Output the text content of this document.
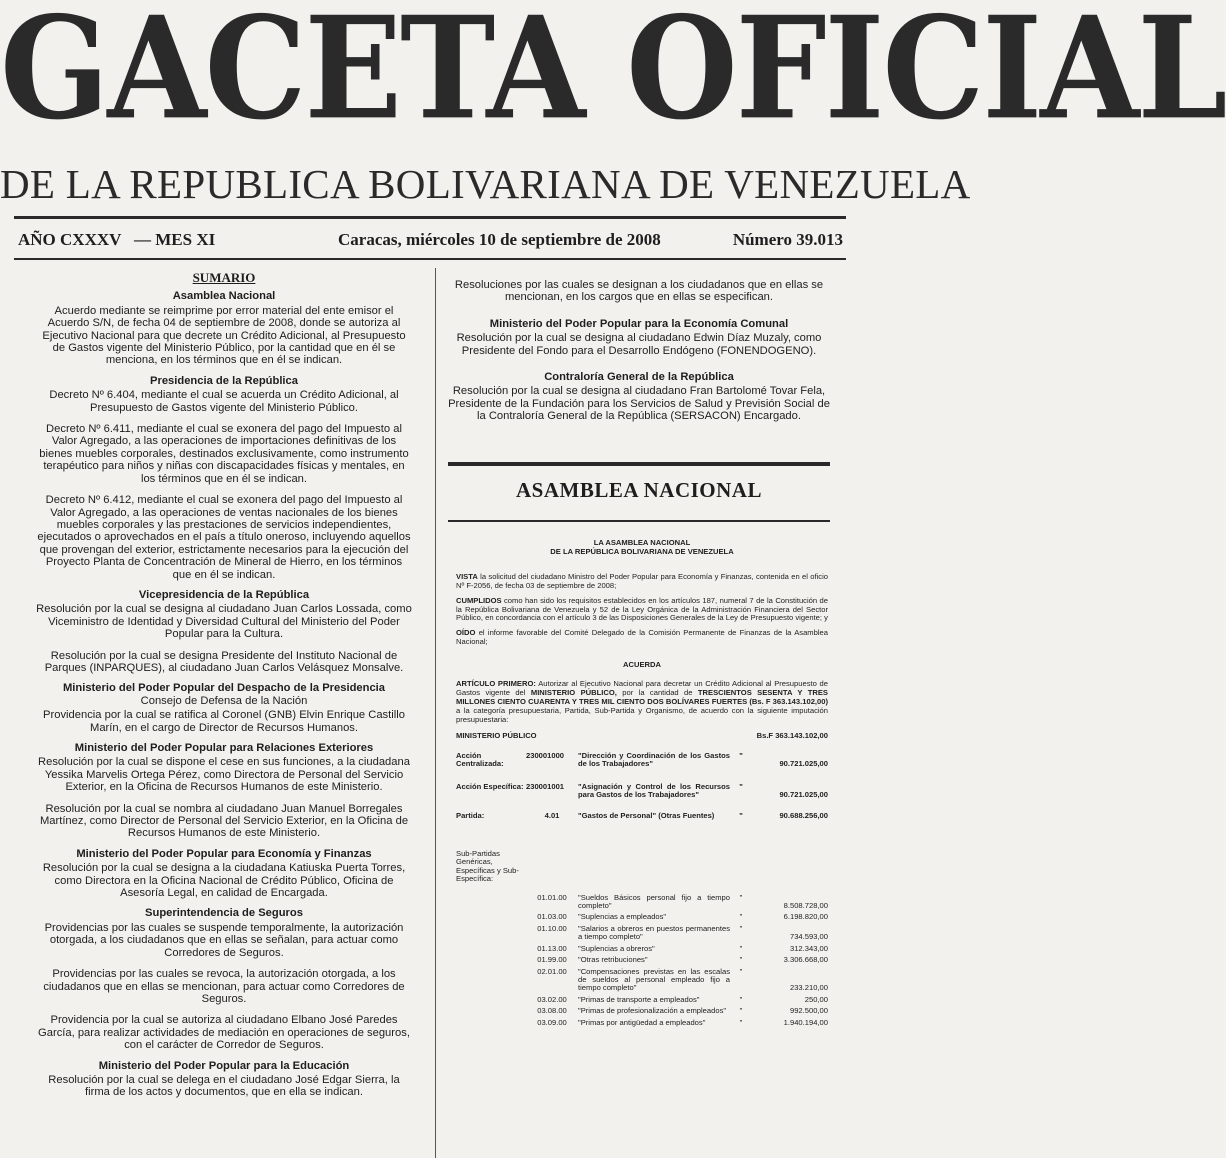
GACETA OFICIAL
DE LA REPUBLICA BOLIVARIANA DE VENEZUELA
AÑO CXXXV — MES XI	Caracas, miércoles 10 de septiembre de 2008	Número 39.013
SUMARIO
Asamblea Nacional
Acuerdo mediante se reimprime por error material del ente emisor el Acuerdo S/N, de fecha 04 de septiembre de 2008, donde se autoriza al Ejecutivo Nacional para que decrete un Crédito Adicional, al Presupuesto de Gastos vigente del Ministerio Público, por la cantidad que en él se menciona, en los términos que en él se indican.
Presidencia de la República
Decreto Nº 6.404, mediante el cual se acuerda un Crédito Adicional, al Presupuesto de Gastos vigente del Ministerio Público.
Decreto Nº 6.411, mediante el cual se exonera del pago del Impuesto al Valor Agregado, a las operaciones de importaciones definitivas de los bienes muebles corporales, destinados exclusivamente, como instrumento terapéutico para niños y niñas con discapacidades físicas y mentales, en los términos que en él se indican.
Decreto Nº 6.412, mediante el cual se exonera del pago del Impuesto al Valor Agregado, a las operaciones de ventas nacionales de los bienes muebles corporales y las prestaciones de servicios independientes, ejecutados o aprovechados en el país a título oneroso, incluyendo aquellos que provengan del exterior, estrictamente necesarios para la ejecución del Proyecto Planta de Concentración de Mineral de Hierro, en los términos que en él se indican.
Vicepresidencia de la República
Resolución por la cual se designa al ciudadano Juan Carlos Lossada, como Viceministro de Identidad y Diversidad Cultural del Ministerio del Poder Popular para la Cultura.
Resolución por la cual se designa Presidente del Instituto Nacional de Parques (INPARQUES), al ciudadano Juan Carlos Velásquez Monsalve.
Ministerio del Poder Popular del Despacho de la Presidencia
Consejo de Defensa de la Nación
Providencia por la cual se ratifica al Coronel (GNB) Elvin Enrique Castillo Marín, en el cargo de Director de Recursos Humanos.
Ministerio del Poder Popular para Relaciones Exteriores
Resolución por la cual se dispone el cese en sus funciones, a la ciudadana Yessika Marvelis Ortega Pérez, como Directora de Personal del Servicio Exterior, en la Oficina de Recursos Humanos de este Ministerio.
Resolución por la cual se nombra al ciudadano Juan Manuel Borregales Martínez, como Director de Personal del Servicio Exterior, en la Oficina de Recursos Humanos de este Ministerio.
Ministerio del Poder Popular para Economía y Finanzas
Resolución por la cual se designa a la ciudadana Katiuska Puerta Torres, como Directora en la Oficina Nacional de Crédito Público, Oficina de Asesoría Legal, en calidad de Encargada.
Superintendencia de Seguros
Providencias por las cuales se suspende temporalmente, la autorización otorgada, a los ciudadanos que en ellas se señalan, para actuar como Corredores de Seguros.
Providencias por las cuales se revoca, la autorización otorgada, a los ciudadanos que en ellas se mencionan, para actuar como Corredores de Seguros.
Providencia por la cual se autoriza al ciudadano Elbano José Paredes García, para realizar actividades de mediación en operaciones de seguros, con el carácter de Corredor de Seguros.
Ministerio del Poder Popular para la Educación
Resolución por la cual se delega en el ciudadano José Edgar Sierra, la firma de los actos y documentos, que en ella se indican.
Resoluciones por las cuales se designan a los ciudadanos que en ellas se mencionan, en los cargos que en ellas se especifican.
Ministerio del Poder Popular para la Economía Comunal
Resolución por la cual se designa al ciudadano Edwin Díaz Muzaly, como Presidente del Fondo para el Desarrollo Endógeno (FONENDOGENO).
Contraloría General de la República
Resolución por la cual se designa al ciudadano Fran Bartolomé Tovar Fela, Presidente de la Fundación para los Servicios de Salud y Previsión Social de la Contraloría General de la República (SERSACON) Encargado.
ASAMBLEA NACIONAL
LA ASAMBLEA NACIONAL
DE LA REPÚBLICA BOLIVARIANA DE VENEZUELA
VISTA la solicitud del ciudadano Ministro del Poder Popular para Economía y Finanzas, contenida en el oficio Nº F-2056, de fecha 03 de septiembre de 2008;
CUMPLIDOS como han sido los requisitos establecidos en los artículos 187, numeral 7 de la Constitución de la República Bolivariana de Venezuela y 52 de la Ley Orgánica de la Administración Financiera del Sector Público, en concordancia con el artículo 3 de las Disposiciones Generales de la Ley de Presupuesto vigente; y
OÍDO el informe favorable del Comité Delegado de la Comisión Permanente de Finanzas de la Asamblea Nacional;
ACUERDA
ARTÍCULO PRIMERO: Autorizar al Ejecutivo Nacional para decretar un Crédito Adicional al Presupuesto de Gastos vigente del MINISTERIO PÚBLICO, por la cantidad de TRESCIENTOS SESENTA Y TRES MILLONES CIENTO CUARENTA Y TRES MIL CIENTO DOS BOLÍVARES FUERTES (Bs. F 363.143.102,00) a la categoría presupuestaria, Partida, Sub-Partida y Organismo, de acuerdo con la siguiente imputación presupuestaria:
MINISTERIO PÚBLICO			Bs.F 363.143.102,00	

Acción Centralizada:	230001000	"Dirección y Coordinación de los Gastos de los Trabajadores"	"	90.721.025,00

Acción Específica:	230001001	"Asignación y Control de los Recursos para Gastos de los Trabajadores"	"	90.721.025,00

Partida:	4.01	"Gastos de Personal" (Otras Fuentes)	"	90.688.256,00

Sub-Partidas Genéricas, Específicas y Sub-Específica:				

	01.01.00	"Sueldos Básicos personal fijo a tiempo completo"	"	8.508.728,00
	01.03.00	"Suplencias a empleados"	"	6.198.820,00
	01.10.00	"Salarios a obreros en puestos permanentes a tiempo completo"	"	734.593,00
	01.13.00	"Suplencias a obreros"	"	312.343,00
	01.99.00	"Otras retribuciones"	"	3.306.668,00
	02.01.00	"Compensaciones previstas en las escalas de sueldos al personal empleado fijo a tiempo completo"	"	233.210,00
	03.02.00	"Primas de transporte a empleados"	"	250,00
	03.08.00	"Primas de profesionalización a empleados"	"	992.500,00
	03.09.00	"Primas por antigüedad a empleados"	"	1.940.194,00
